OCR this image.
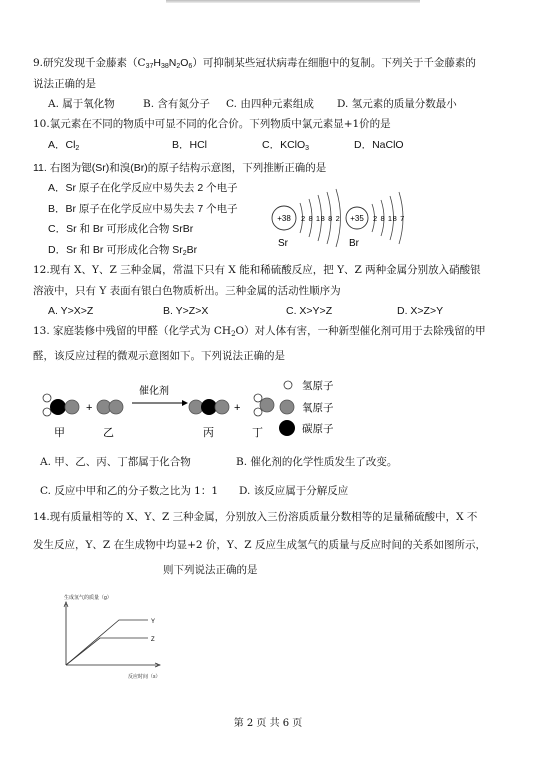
9.研究发现千金藤素$(C_{37}H_{38}N_2O_6)$可抑制某些冠状病毒在细胞中的复制。下列关于千金藤素的
说法正确的是
A. 属于氧化物	B. 含有氮分子 C. 由四种元素组成 D. 氢元素的质量分数最小
10.氯元素在不同的物质中可显不同的化合价。下列物质中氯元素显+1价的是
A．$Cl_2$	B．HCl	C．KClO$_3$	D．NaClO
11. 右图为锶(Sr)和溴(Br)的原子结构示意图，下列推断正确的是
A．Sr 原子在化学反应中易失去 2 个电子
B．Br 原子在化学反应中易失去 7 个电子
C．Sr 和 Br 可形成化合物 SrBr
D．Sr 和 Br 可形成化合物 $Sr_2Br$
+38 2 8 18 8 2
Sr
+35 2 8 18 7
Br
12.现有 X、Y、Z 三种金属，常温下只有 X 能和稀硫酸反应，把 Y、Z 两种金属分别放入硝酸银
溶液中，只有 Y 表面有银白色物质析出。三种金属的活动性顺序为
A. Y>X>Z	B. Y>Z>X	C. X>Y>Z	D. X>Z>Y
13. 家庭装修中残留的甲醛（化学式为 $CH_2O$）对人体有害，一种新型催化剂可用于去除残留的甲
醛，该反应过程的微观示意图如下。下列说法正确的是
+
催化剂
+
甲	乙	丙	丁
氢原子
氧原子
碳原子
A. 甲、乙、丙、丁都属于化合物	B. 催化剂的化学性质发生了改变。
C. 反应中甲和乙的分子数之比为 1：1 D. 该反应属于分解反应
14.现有质量相等的 X、Y、Z 三种金属，分别放入三份溶质质量分数相等的足量稀硫酸中，X 不
发生反应，Y、Z 在生成物中均显+2 价，Y、Z 反应生成氢气的质量与反应时间的关系如图所示，
则下列说法正确的是
生成氢气的质量（g）
Y
Z
反应时间（s）
第 2 页 共 6 页
